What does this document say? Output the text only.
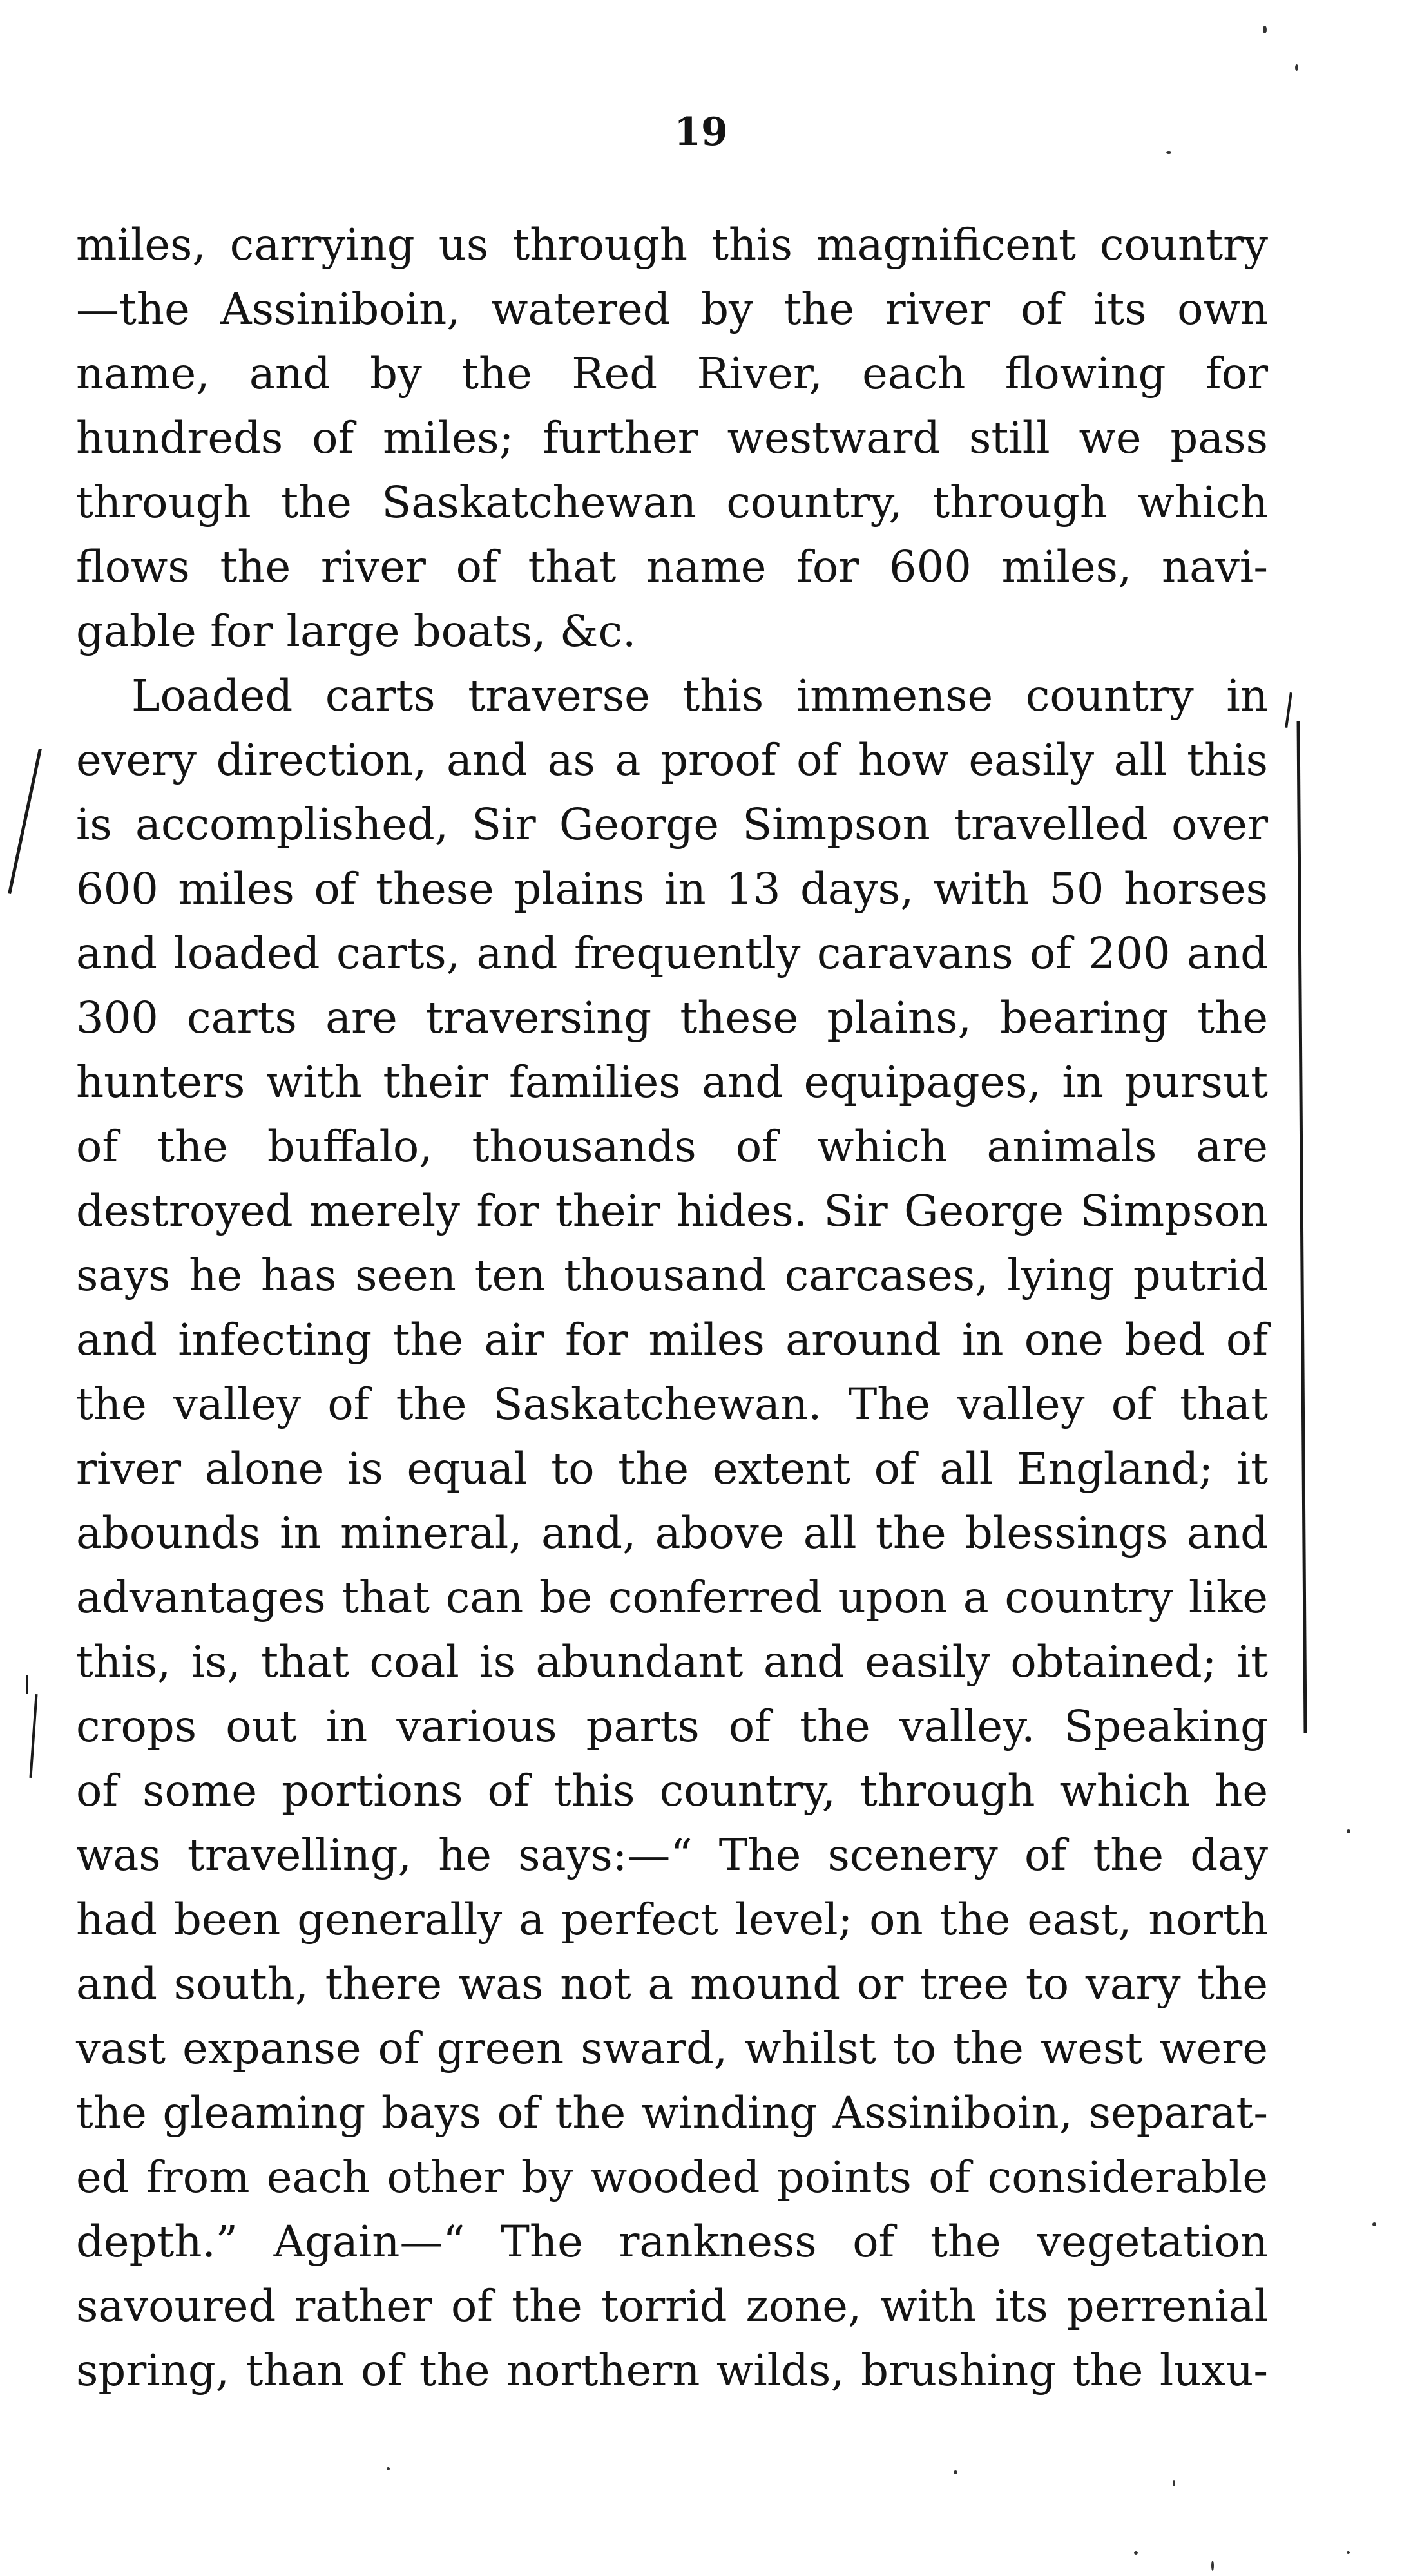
19
miles, carrying us through this magnificent country
—the Assiniboin, watered by the river of its own
name, and by the Red River, each flowing for
hundreds of miles; further westward still we pass
through the Saskatchewan country, through which
flows the river of that name for 600 miles, navi-
gable for large boats, &c.
Loaded carts traverse this immense country in
every direction, and as a proof of how easily all this
is accomplished, Sir George Simpson travelled over
600 miles of these plains in 13 days, with 50 horses
and loaded carts, and frequently caravans of 200 and
300 carts are traversing these plains, bearing the
hunters with their families and equipages, in pursut
of the buffalo, thousands of which animals are
destroyed merely for their hides. Sir George Simpson
says he has seen ten thousand carcases, lying putrid
and infecting the air for miles around in one bed of
the valley of the Saskatchewan. The valley of that
river alone is equal to the extent of all England; it
abounds in mineral, and, above all the blessings and
advantages that can be conferred upon a country like
this, is, that coal is abundant and easily obtained; it
crops out in various parts of the valley. Speaking
of some portions of this country, through which he
was travelling, he says:—“ The scenery of the day
had been generally a perfect level; on the east, north
and south, there was not a mound or tree to vary the
vast expanse of green sward, whilst to the west were
the gleaming bays of the winding Assiniboin, separat-
ed from each other by wooded points of considerable
depth.” Again—“ The rankness of the vegetation
savoured rather of the torrid zone, with its perrenial
spring, than of the northern wilds, brushing the luxu-
